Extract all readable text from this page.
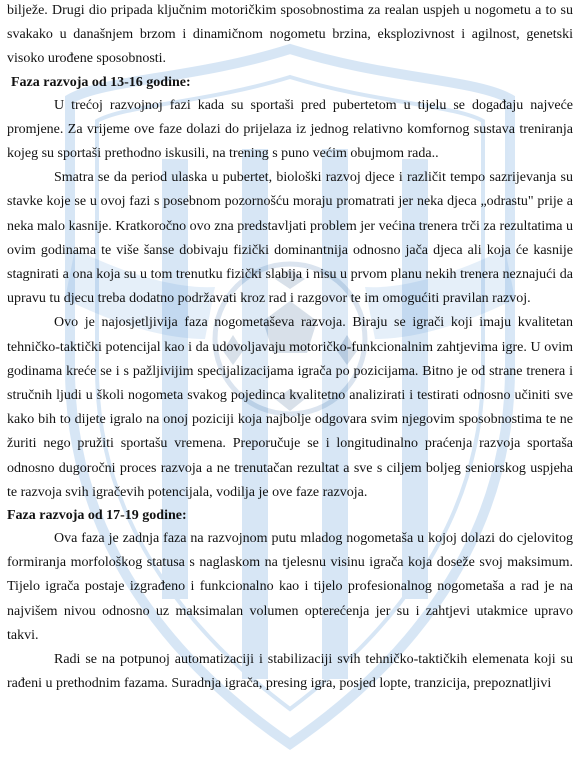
bilježe. Drugi dio pripada ključnim motoričkim sposobnostima za realan uspjeh u nogometu a to su svakako u današnjem brzom i dinamičnom nogometu brzina, eksplozivnost i agilnost, genetski visoko urođene sposobnosti.

Faza razvoja od 13-16 godine:

U trećoj razvojnoj fazi kada su sportaši pred pubertetom u tijelu se događaju najveće promjene. Za vrijeme ove faze dolazi do prijelaza iz jednog relativno komfornog sustava treniranja kojeg su sportaši prethodno iskusili, na trening s puno većim obujmom rada..

Smatra se da period ulaska u pubertet, biološki razvoj djece i različit tempo sazrijevanja su stavke koje se u ovoj fazi s posebnom pozornošću moraju promatrati jer neka djeca „odrastu" prije a neka malo kasnije. Kratkoročno ovo zna predstavljati problem jer većina trenera trči za rezultatima u ovim godinama te više šanse dobivaju fizički dominantnija odnosno jača djeca ali koja će kasnije stagnirati a ona koja su u tom trenutku fizički slabija i nisu u prvom planu nekih trenera neznajući da upravu tu djecu treba dodatno podržavati kroz rad i razgovor te im omogućiti pravilan razvoj.

Ovo je najosjetljivija faza nogometaševa razvoja. Biraju se igrači koji imaju kvalitetan tehničko-taktički potencijal kao i da udovoljavaju motoričko-funkcionalnim zahtjevima igre. U ovim godinama kreće se i s pažljivijim specijalizacijama igrača po pozicijama. Bitno je od strane trenera i stručnih ljudi u školi nogometa svakog pojedinca kvalitetno analizirati i testirati odnosno učiniti sve kako bih to dijete igralo na onoj poziciji koja najbolje odgovara svim njegovim sposobnostima te ne žuriti nego pružiti sportašu vremena. Preporučuje se i longitudinalno praćenja razvoja sportaša odnosno dugoročni proces razvoja a ne trenutačan rezultat a sve s ciljem boljeg seniorskog uspjeha te razvoja svih igračevih potencijala, vodilja je ove faze razvoja.

Faza razvoja od 17-19 godine:

Ova faza je zadnja faza na razvojnom putu mladog nogometaša u kojoj dolazi do cjelovitog formiranja morfološkog statusa s naglaskom na tjelesnu visinu igrača koja doseže svoj maksimum. Tijelo igrača postaje izgrađeno i funkcionalno kao i tijelo profesionalnog nogometaša a rad je na najvišem nivou odnosno uz maksimalan volumen opterećenja jer su i zahtjevi utakmice upravo takvi.

Radi se na potpunoj automatizaciji i stabilizaciji svih tehničko-taktičkih elemenata koji su rađeni u prethodnim fazama. Suradnja igrača, presing igra, posjed lopte, tranzicija, prepoznatljivi
